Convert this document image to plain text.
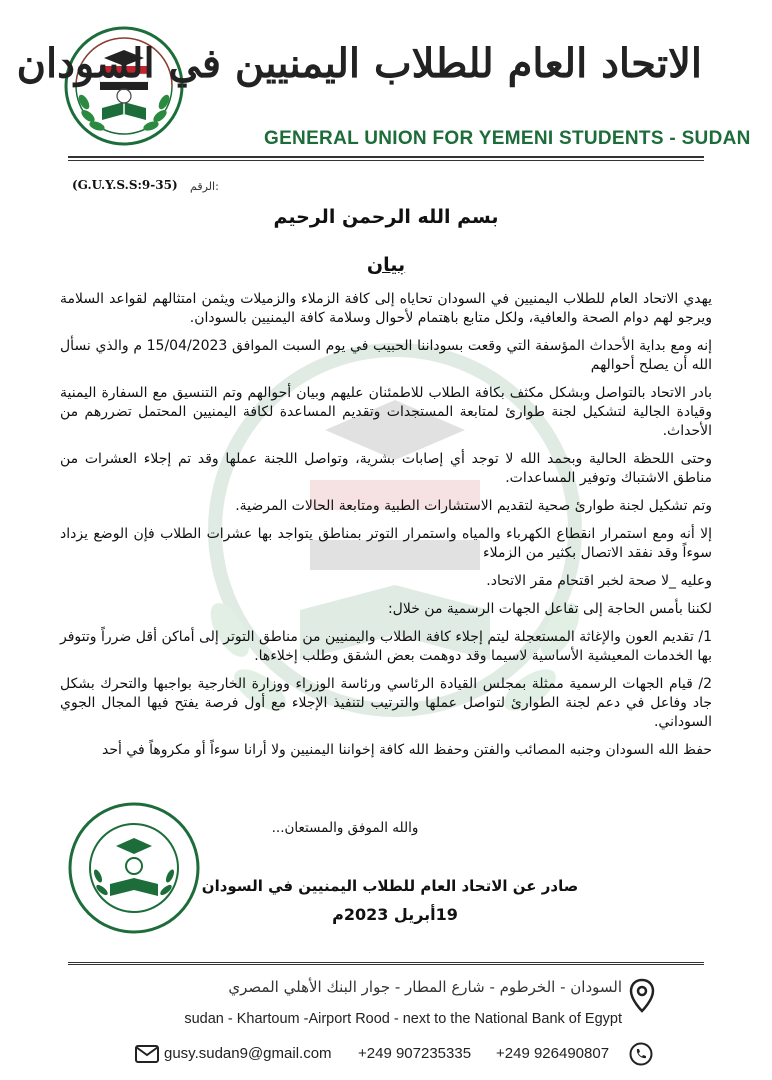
الاتحاد العام للطلاب اليمنيين في السودان
GENERAL UNION FOR YEMENI STUDENTS - SUDAN
الرقم:
(G.U.Y.S.S:9-35)
بسم الله الرحمن الرحيم
بيان

يهدي الاتحاد العام للطلاب اليمنيين في السودان تحاياه إلى كافة الزملاء والزميلات ويثمن امتثالهم لقواعد السلامة ويرجو لهم دوام الصحة والعافية، ولكل متابع باهتمام لأحوال وسلامة كافة اليمنيين بالسودان.

إنه ومع بداية الأحداث المؤسفة التي وقعت بسوداننا الحبيب في يوم السبت الموافق 15/04/2023 م والذي نسأل الله أن يصلح أحوالهم

بادر الاتحاد بالتواصل وبشكل مكثف بكافة الطلاب للاطمئنان عليهم وبيان أحوالهم وتم التنسيق مع السفارة اليمنية وقيادة الجالية لتشكيل لجنة طوارئ لمتابعة المستجدات وتقديم المساعدة لكافة اليمنيين المحتمل تضررهم من الأحداث.

وحتى اللحظة الحالية وبحمد الله لا توجد أي إصابات بشرية، وتواصل اللجنة عملها وقد تم إجلاء العشرات من مناطق الاشتباك وتوفير المساعدات.

وتم تشكيل لجنة طوارئ صحية لتقديم الاستشارات الطبية ومتابعة الحالات المرضية.

إلا أنه ومع استمرار انقطاع الكهرباء والمياه واستمرار التوتر بمناطق يتواجد بها عشرات الطلاب فإن الوضع يزداد سوءاً وقد نفقد الاتصال بكثير من الزملاء

وعليه _لا صحة لخبر اقتحام مقر الاتحاد.

لكننا بأمس الحاجة إلى تفاعل الجهات الرسمية من خلال:

1/ تقديم العون والإغاثة المستعجلة ليتم إجلاء كافة الطلاب واليمنيين من مناطق التوتر إلى أماكن أقل ضرراً وتتوفر بها الخدمات المعيشية الأساسية لاسيما وقد دوهمت بعض الشقق وطلب إخلاءها.

2/ قيام الجهات الرسمية ممثلة بمجلس القيادة الرئاسي ورئاسة الوزراء ووزارة الخارجية بواجبها والتحرك بشكل جاد وفاعل في دعم لجنة الطوارئ لتواصل عملها والترتيب لتنفيذ الإجلاء مع أول فرصة يفتح فيها المجال الجوي السوداني.

حفظ الله السودان وجنبه المصائب والفتن وحفظ الله كافة إخواننا اليمنيين ولا أرانا سوءاً أو مكروهاً في أحد

والله الموفق والمستعان...
صادر عن الاتحاد العام للطلاب اليمنيين في السودان
19أبريل 2023م
السودان - الخرطوم - شارع المطار - جوار البنك الأهلي المصري
sudan - Khartoum -Airport Rood - next to the National Bank of Egypt
gusy.sudan9@gmail.com +249 907235335 +249 926490807
